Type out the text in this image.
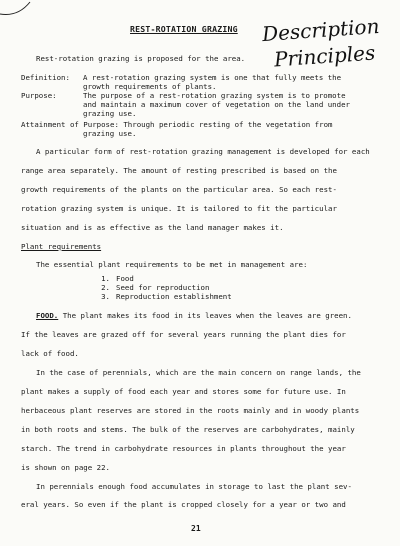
REST-ROTATION GRAZING Description
Principles
Rest-rotation grazing is proposed for the area.
Definition: A rest-rotation grazing system is one that fully meets the
growth requirements of plants.
Purpose:	The purpose of a rest-rotation grazing system is to promote
and maintain a maximum cover of vegetation on the land under
grazing use.
Attainment of Purpose: Through periodic resting of the vegetation from
grazing use.
A particular form of rest-rotation grazing management is developed for each
range area separately. The amount of resting prescribed is based on the
growth requirements of the plants on the particular area. So each rest-
rotation grazing system is unique. It is tailored to fit the particular
situation and is as effective as the land manager makes it.
Plant requirements
The essential plant requirements to be met in management are:
1. Food
2. Seed for reproduction
3. Reproduction establishment
FOOD. The plant makes its food in its leaves when the leaves are green.
If the leaves are grazed off for several years running the plant dies for
lack of food.
In the case of perennials, which are the main concern on range lands, the
plant makes a supply of food each year and stores some for future use. In
herbaceous plant reserves are stored in the roots mainly and in woody plants
in both roots and stems. The bulk of the reserves are carbohydrates, mainly
starch. The trend in carbohydrate resources in plants throughout the year
is shown on page 22.
In perennials enough food accumulates in storage to last the plant sev-
eral years. So even if the plant is cropped closely for a year or two and
21
